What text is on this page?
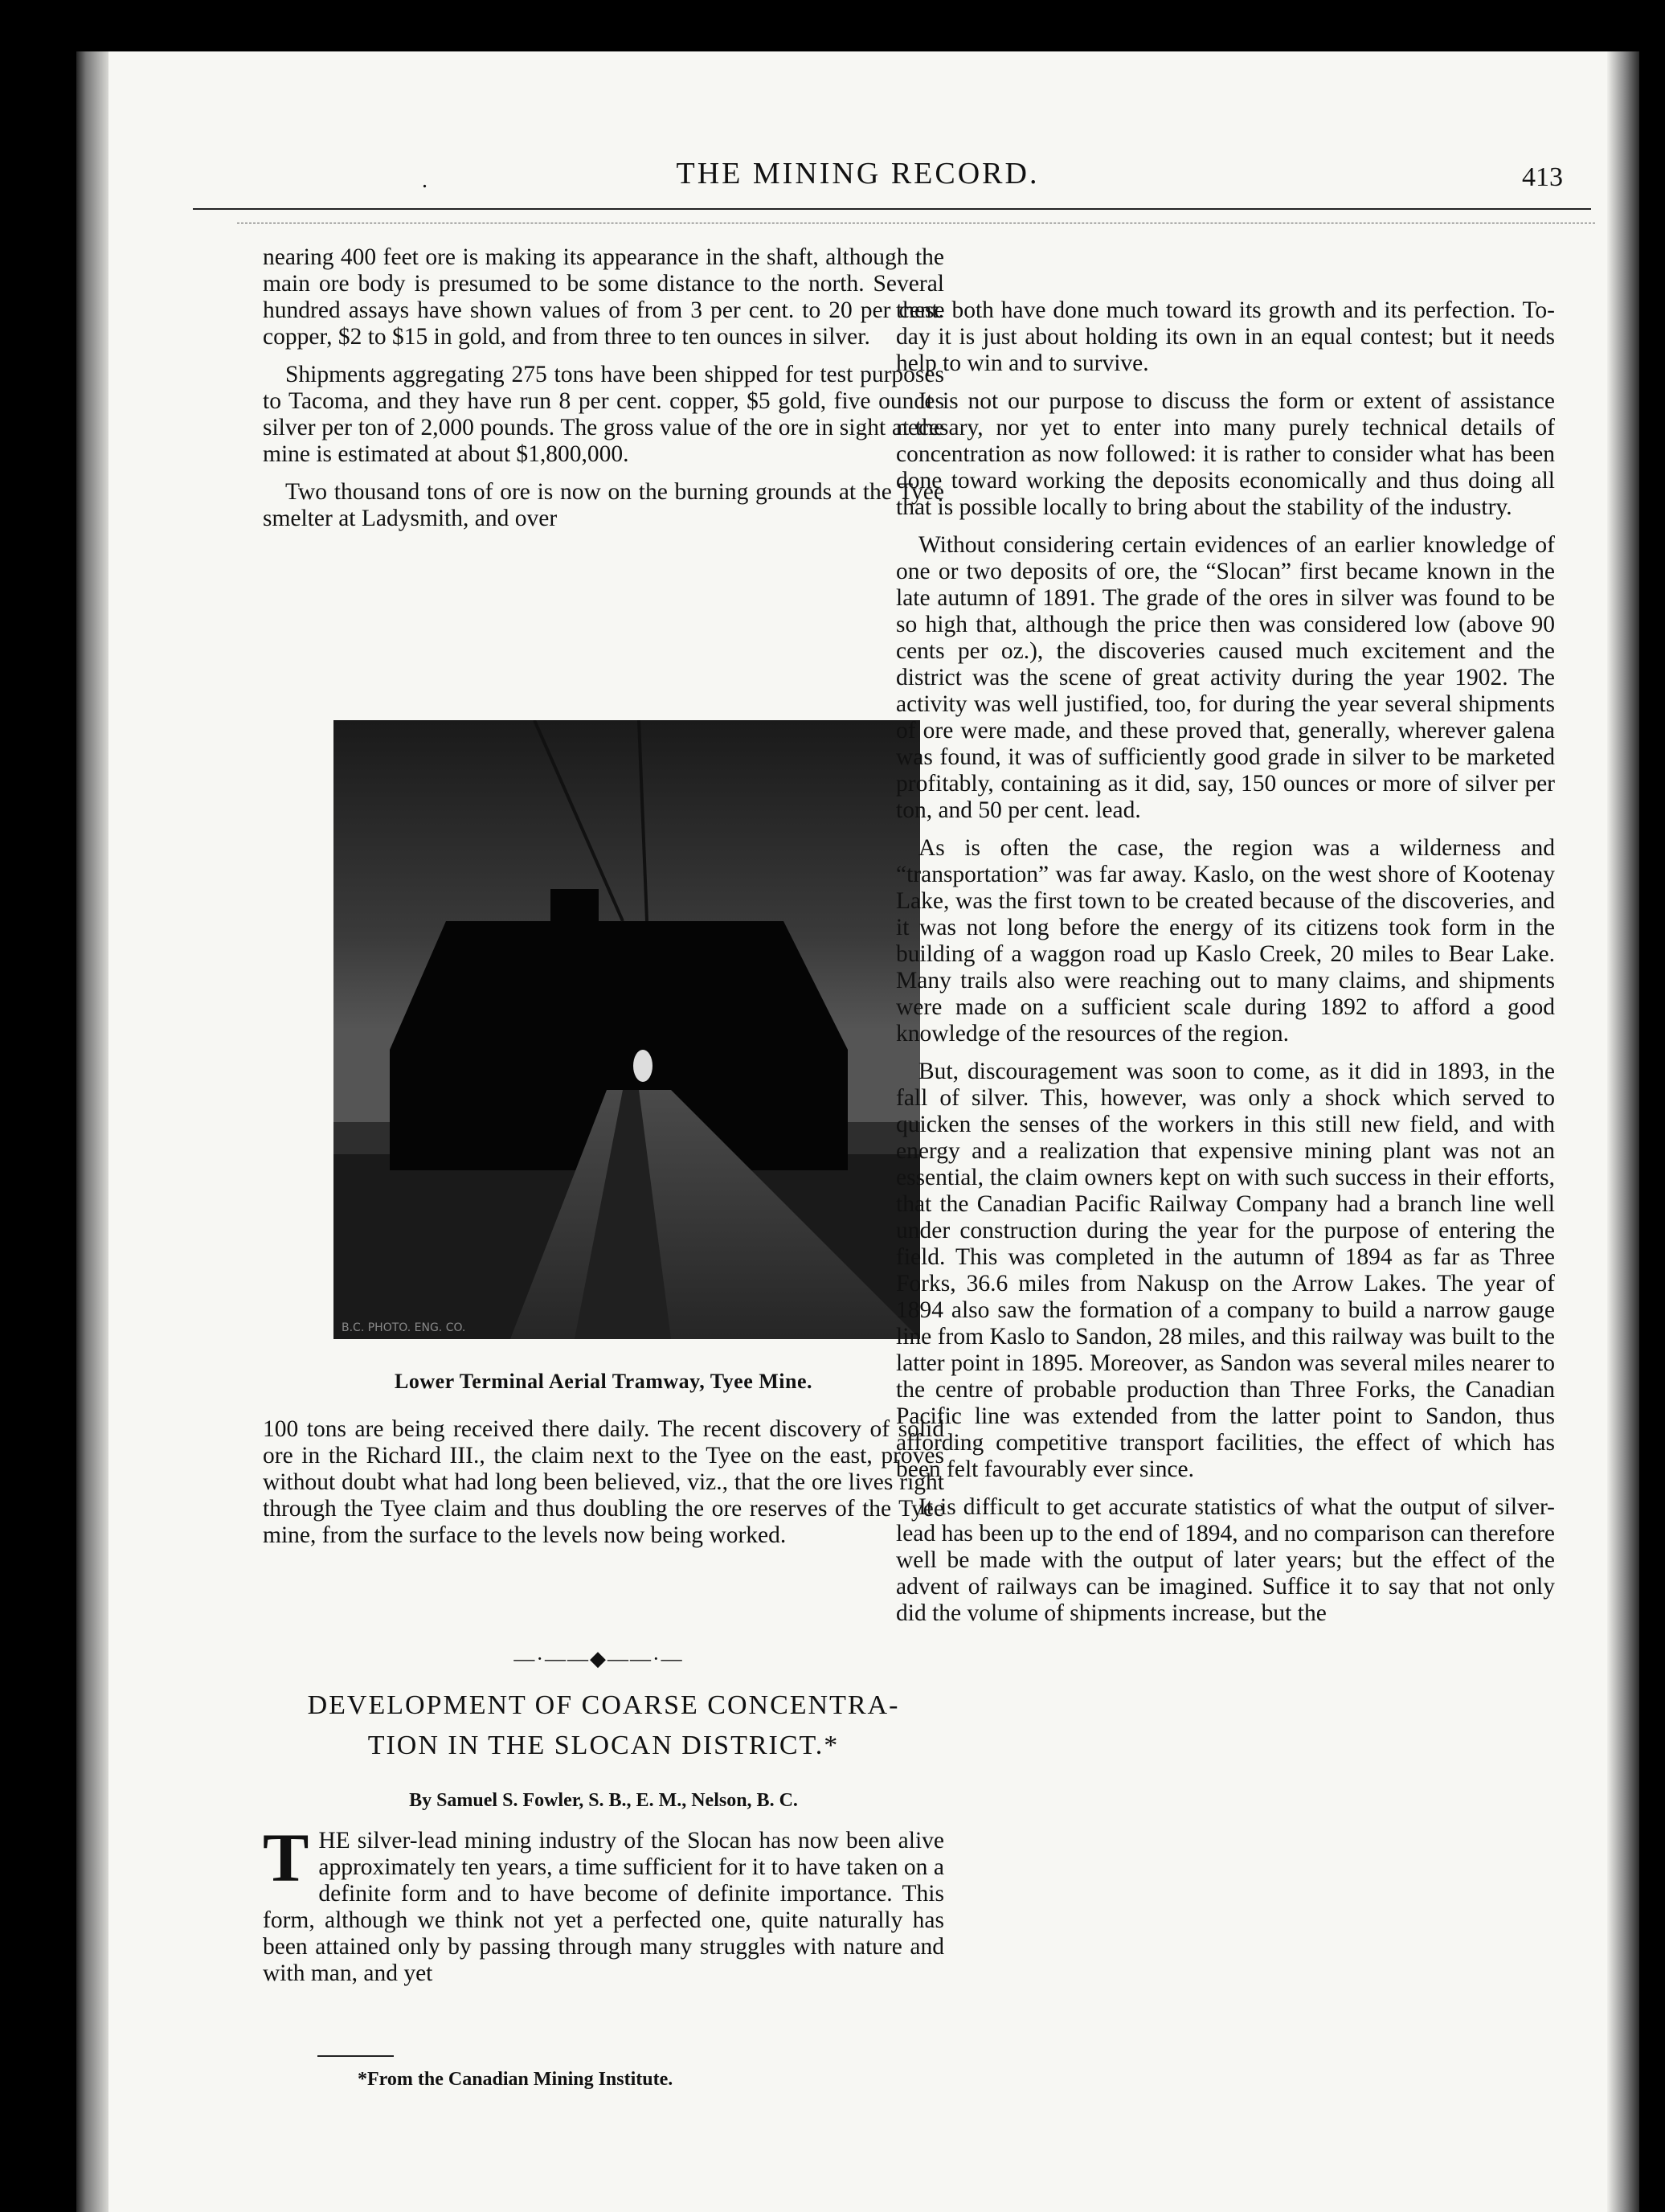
.	THE MINING RECORD.	413

nearing 400 feet ore is making its appearance in the shaft, although the main ore body is presumed to be some distance to the north. Several hundred assays have shown values of from 3 per cent. to 20 per cent. copper, $2 to $15 in gold, and from three to ten ounces in silver.

Shipments aggregating 275 tons have been shipped for test purposes to Tacoma, and they have run 8 per cent. copper, $5 gold, five ounces silver per ton of 2,000 pounds. The gross value of the ore in sight at the mine is estimated at about $1,800,000.

Two thousand tons of ore is now on the burning grounds at the Tyee smelter at Ladysmith, and over

B.C. PHOTO. ENG. CO.
Lower Terminal Aerial Tramway, Tyee Mine.

100 tons are being received there daily. The recent discovery of solid ore in the Richard III., the claim next to the Tyee on the east, proves without doubt what had long been believed, viz., that the ore lives right through the Tyee claim and thus doubling the ore reserves of the Tyee mine, from the surface to the levels now being worked.

—·——◆——·—
DEVELOPMENT OF COARSE CONCENTRA-
TION IN THE SLOCAN DISTRICT.*
By Samuel S. Fowler, S. B., E. M., Nelson, B. C.
THE silver-lead mining industry of the Slocan has now been alive approximately ten years, a time sufficient for it to have taken on a definite form and to have become of definite importance. This form, although we think not yet a perfected one, quite naturally has been attained only by passing through many struggles with nature and with man, and yet
*From the Canadian Mining Institute.

these both have done much toward its growth and its perfection. To-day it is just about holding its own in an equal contest; but it needs help to win and to survive.

It is not our purpose to discuss the form or extent of assistance necesary, nor yet to enter into many purely technical details of concentration as now followed: it is rather to consider what has been done toward working the deposits economically and thus doing all that is possible locally to bring about the stability of the industry.

Without considering certain evidences of an earlier knowledge of one or two deposits of ore, the “Slocan” first became known in the late autumn of 1891. The grade of the ores in silver was found to be so high that, although the price then was considered low (above 90 cents per oz.), the discoveries caused much excitement and the district was the scene of great activity during the year 1902. The activity was well justified, too, for during the year several shipments of ore were made, and these proved that, generally, wherever galena was found, it was of sufficiently good grade in silver to be marketed profitably, containing as it did, say, 150 ounces or more of silver per ton, and 50 per cent. lead.

As is often the case, the region was a wilderness and “transportation” was far away. Kaslo, on the west shore of Kootenay Lake, was the first town to be created because of the discoveries, and it was not long before the energy of its citizens took form in the building of a waggon road up Kaslo Creek, 20 miles to Bear Lake. Many trails also were reaching out to many claims, and shipments were made on a sufficient scale during 1892 to afford a good knowledge of the resources of the region.

But, discouragement was soon to come, as it did in 1893, in the fall of silver. This, however, was only a shock which served to quicken the senses of the workers in this still new field, and with energy and a realization that expensive mining plant was not an essential, the claim owners kept on with such success in their efforts, that the Canadian Pacific Railway Company had a branch line well under construction during the year for the purpose of entering the field. This was completed in the autumn of 1894 as far as Three Forks, 36.6 miles from Nakusp on the Arrow Lakes. The year of 1894 also saw the formation of a company to build a narrow gauge line from Kaslo to Sandon, 28 miles, and this railway was built to the latter point in 1895. Moreover, as Sandon was several miles nearer to the centre of probable production than Three Forks, the Canadian Pacific line was extended from the latter point to Sandon, thus affording competitive transport facilities, the effect of which has been felt favourably ever since.

It is difficult to get accurate statistics of what the output of silver-lead has been up to the end of 1894, and no comparison can therefore well be made with the output of later years; but the effect of the advent of railways can be imagined. Suffice it to say that not only did the volume of shipments increase, but the
